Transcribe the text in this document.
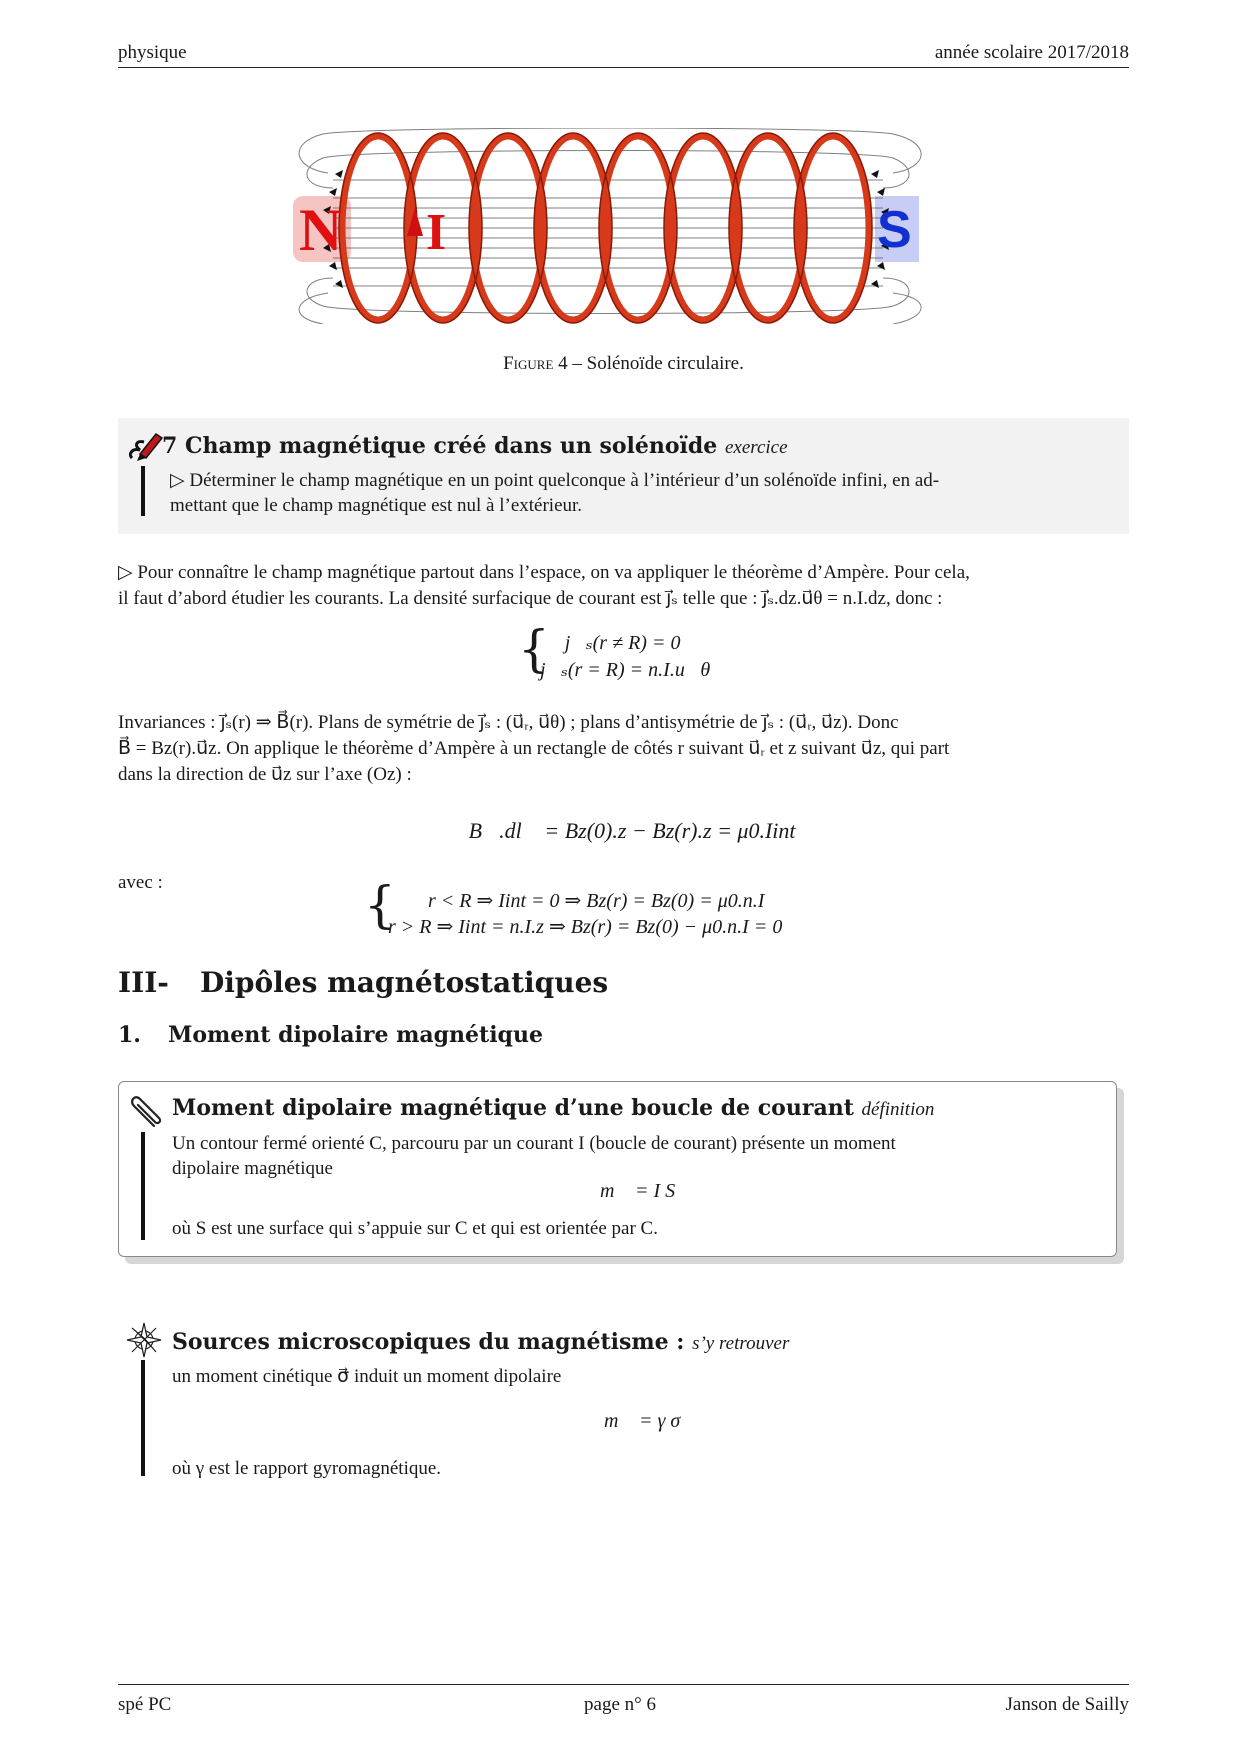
physique	année scolaire 2017/2018
N I	S
Figure 4 – Solénoïde circulaire.
7 Champ magnétique créé dans un solénoïde exercice
▷ Déterminer le champ magnétique en un point quelconque à l’intérieur d’un solénoïde infini, en ad-
mettant que le champ magnétique est nul à l’extérieur.
▷ Pour connaître le champ magnétique partout dans l’espace, on va appliquer le théorème d’Ampère. Pour cela,
il faut d’abord étudier les courants. La densité surfacique de courant est j⃗ₛ telle que : j⃗ₛ.dz.u⃗θ = n.I.dz, donc :
{ j⃗ₛ(r ≠ R) = 0⃗
j⃗ₛ(r = R) = n.I.u⃗θ
Invariances : j⃗ₛ(r) ⇒ B⃗(r). Plans de symétrie de j⃗ₛ : (u⃗ᵣ, u⃗θ) ; plans d’antisymétrie de j⃗ₛ : (u⃗ᵣ, u⃗z). Donc
B⃗ = Bz(r).u⃗z. On applique le théorème d’Ampère à un rectangle de côtés r suivant u⃗ᵣ et z suivant u⃗z, qui part
dans la direction de u⃗z sur l’axe (Oz) :
∮ B⃗.dl⃗ = Bz(0).z − Bz(r).z = μ0.Iint
avec :	{ r < R ⇒ Iint = 0 ⇒ Bz(r) = Bz(0) = μ0.n.I
r > R ⇒ Iint = n.I.z ⇒ Bz(r) = Bz(0) − μ0.n.I = 0
III- Dipôles magnétostatiques
1. Moment dipolaire magnétique
Moment dipolaire magnétique d’une boucle de courant définition
Un contour fermé orienté C, parcouru par un courant I (boucle de courant) présente un moment
dipolaire magnétique
m⃗ = I S⃗
où S est une surface qui s’appuie sur C et qui est orientée par C.
Sources microscopiques du magnétisme : s’y retrouver
un moment cinétique σ⃗ induit un moment dipolaire
m⃗ = γ σ⃗
où γ est le rapport gyromagnétique.
spé PC	page n° 6	Janson de Sailly
